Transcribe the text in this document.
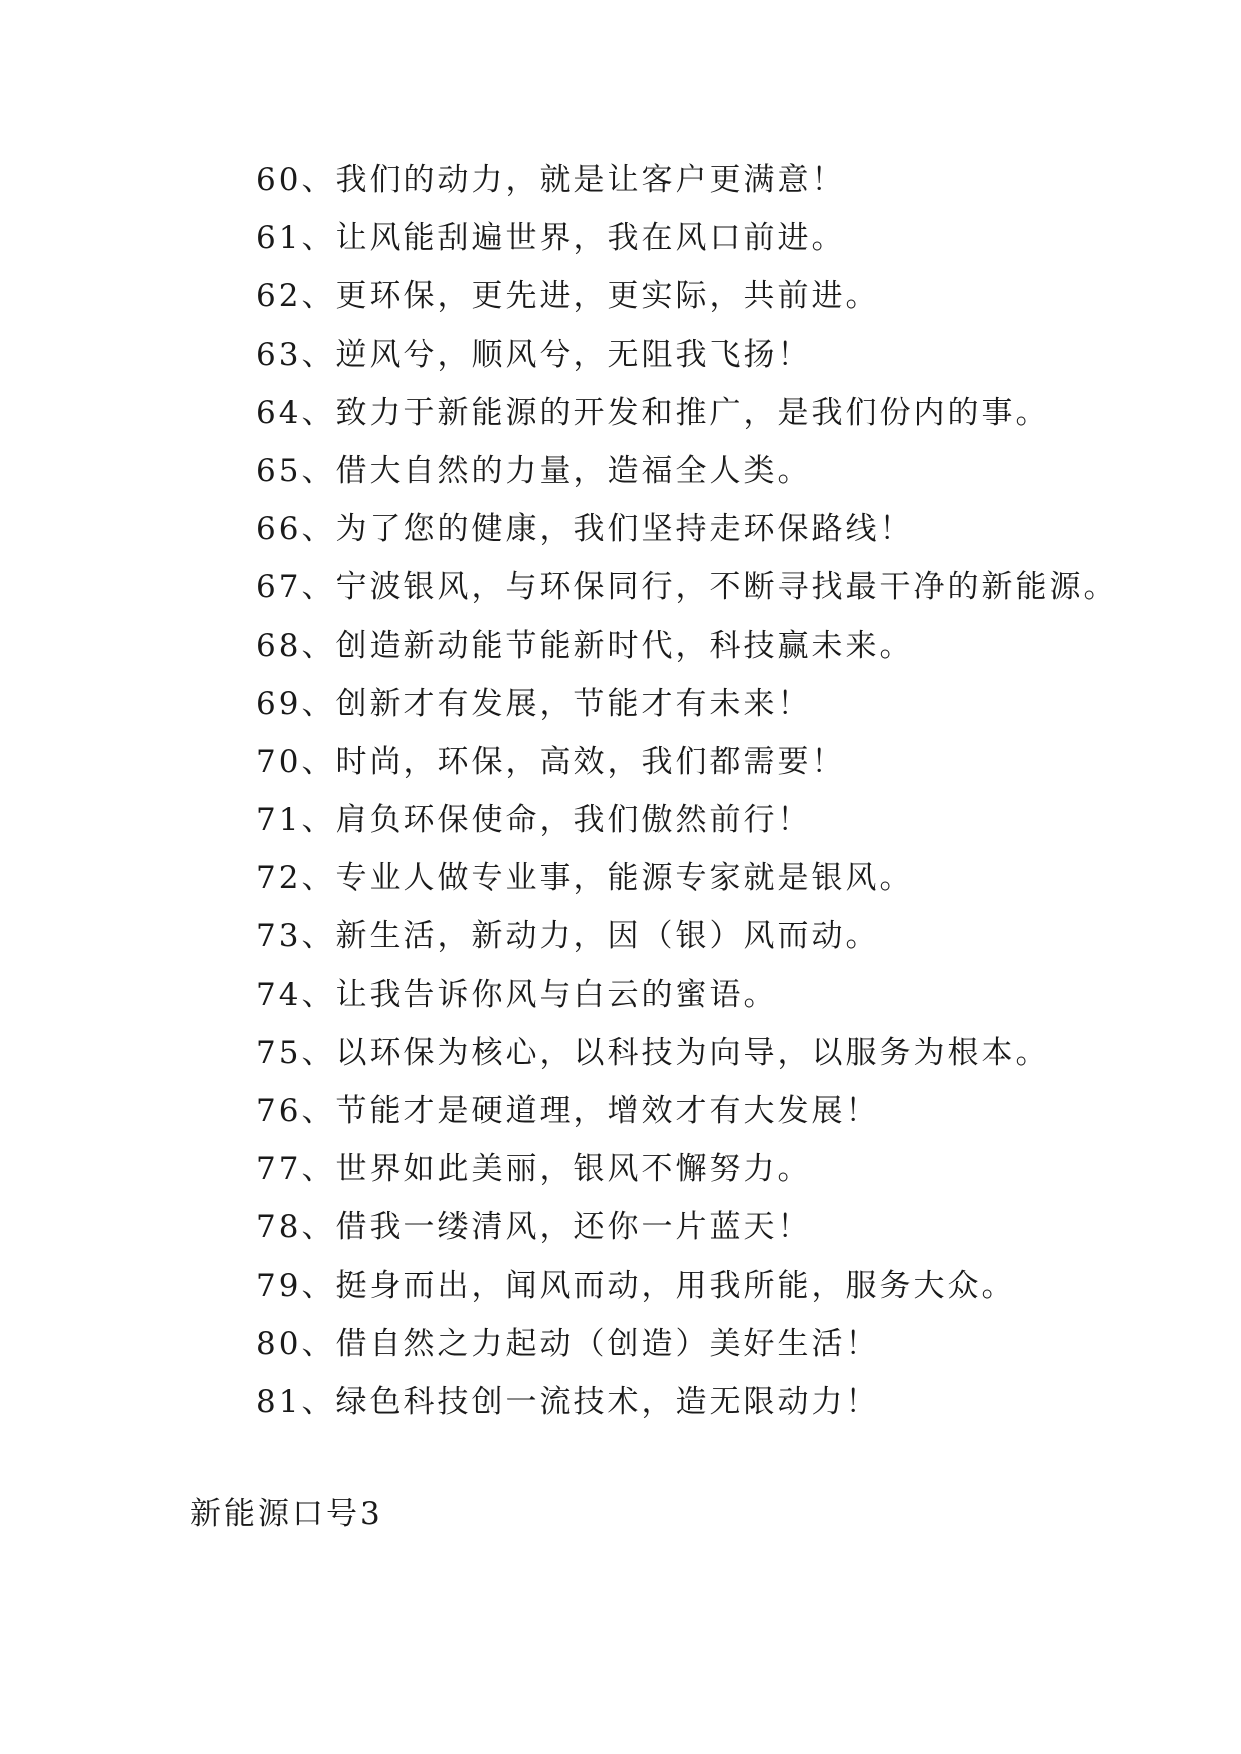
60、我们的动力，就是让客户更满意！
61、让风能刮遍世界，我在风口前进。
62、更环保，更先进，更实际，共前进。
63、逆风兮，顺风兮，无阻我飞扬！
64、致力于新能源的开发和推广，是我们份内的事。
65、借大自然的力量，造福全人类。
66、为了您的健康，我们坚持走环保路线！
67、宁波银风，与环保同行，不断寻找最干净的新能源。
68、创造新动能节能新时代，科技赢未来。
69、创新才有发展，节能才有未来！
70、时尚，环保，高效，我们都需要！
71、肩负环保使命，我们傲然前行！
72、专业人做专业事，能源专家就是银风。
73、新生活，新动力，因（银）风而动。
74、让我告诉你风与白云的蜜语。
75、以环保为核心，以科技为向导，以服务为根本。
76、节能才是硬道理，增效才有大发展！
77、世界如此美丽，银风不懈努力。
78、借我一缕清风，还你一片蓝天！
79、挺身而出，闻风而动，用我所能，服务大众。
80、借自然之力起动（创造）美好生活！
81、绿色科技创一流技术，造无限动力！
新能源口号3
